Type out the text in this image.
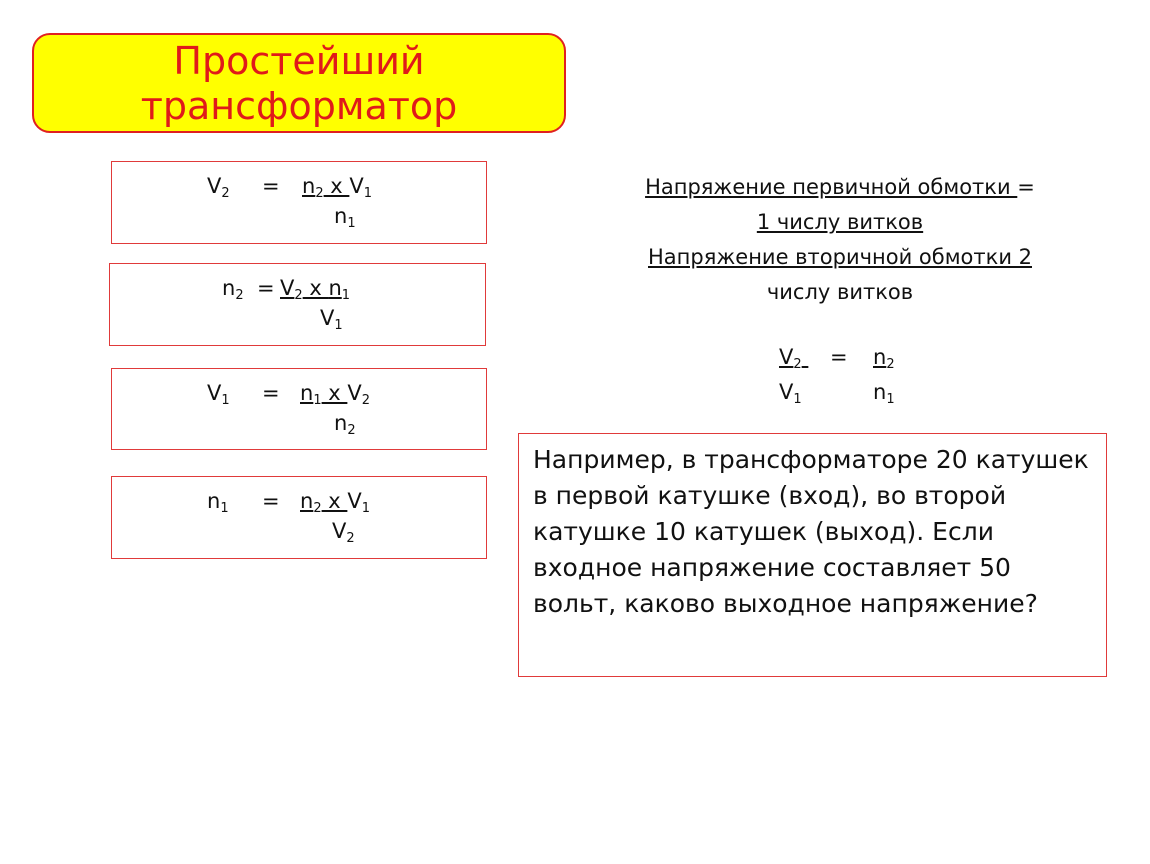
Простейший
трансформатор
$V_2 = n_2$ x $V_1$
$n_1$
$n_2 = V_2$ x $n_1$
$V_1$
$V_1 = n_1$ x $V_2$
$n_2$
$n_1 = n_2$ x $V_1$
$V_2$
Напряжение первичной обмотки =
1 числу витков
Напряжение вторичной обмотки 2
числу витков
$V_2$
$V_1$
= $n_2$
$n_1$
Например, в трансформаторе 20 катушек в первой катушке (вход), во второй катушке 10 катушек (выход). Если входное напряжение составляет 50 вольт, каково выходное напряжение?
